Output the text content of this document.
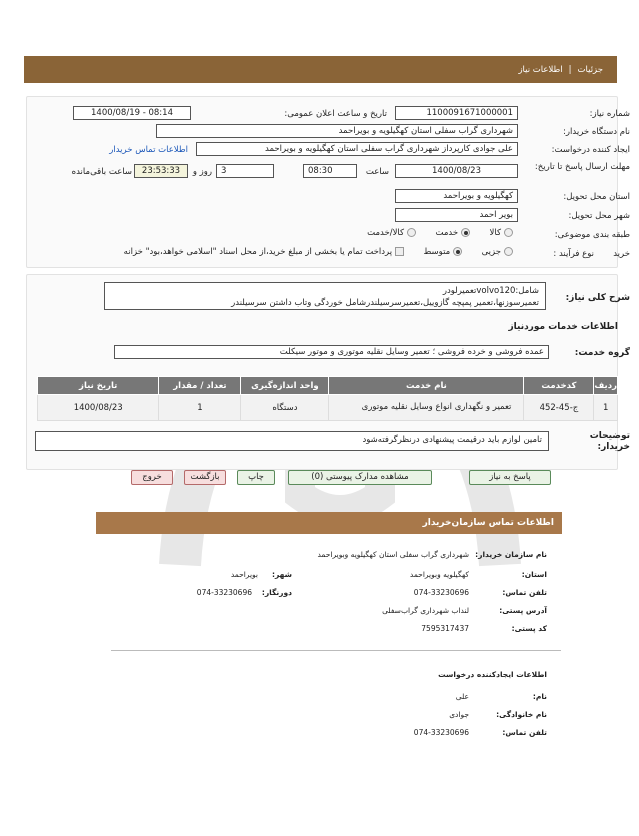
جزئیات
|
اطلاعات نیاز
شماره نیاز:
1100091671000001
تاریخ و ساعت اعلان عمومی:
1400/08/19 - 08:14
نام دستگاه خریدار:
شهرداری گراب سفلی استان کهگیلویه و بویراحمد
ایجاد کننده درخواست:
علی جوادی کارپرداز شهرداری گراب سفلی استان کهگیلویه و بویراحمد
اطلاعات تماس خریدار
مهلت ارسال پاسخ تا تاریخ:
1400/08/23
ساعت
08:30
3
روز و
23:53:33
ساعت باقی‌مانده
استان محل تحویل:
کهگیلویه و بویراحمد
شهر محل تحویل:
بویر احمد
طبقه بندی موضوعی:
کالا  خدمت  کالا/خدمت
نوع فرآیند :
جزیی  متوسط  پرداخت تمام یا بخشی از مبلغ خرید،از محل اسناد "اسلامی خواهد،بود" خزانه	خرید
شرح کلی نیاز:
شامل:volvo120تعمیرلودر
تعمیرسوزنها،تعمیر پمپچه گازوییل،تعمیرسرسیلندرشامل خوردگی وتاب داشتن سرسیلندر
اطلاعات خدمات موردنیاز
گروه خدمت:
عمده فروشی و خرده فروشی ؛ تعمیر وسایل نقلیه موتوری و موتور سیکلت
ردیف	کدخدمت	نام خدمت	واحد اندازه‌گیری	تعداد / مقدار	تاریخ نیاز
1	ج-45-452	تعمیر و نگهداری انواع وسایل نقلیه موتوری	دستگاه	1	1400/08/23
توضیحات خریدار:
تامین لوازم باید درقیمت پیشنهادی درنظرگرفته‌شود
پاسخ به نیاز
مشاهده مدارک پیوستی (0)
چاپ
بازگشت
خروج
اطلاعات تماس سازمان‌خریدار
نام سازمان خریدار:
شهرداری گراب سفلی استان کهگیلویه وبویراحمد
استان:
کهگیلویه وبویراحمد
شهر:
بویراحمد
تلفن تماس:
074-33230696
دورنگار:
074-33230696
آدرس پستی:
لنداب شهرداری گراب‌سفلی
کد پستی:
7595317437
اطلاعات ایجادکننده درخواست
نام:
علی
نام خانوادگی:
جوادی
تلفن تماس:
074-33230696
